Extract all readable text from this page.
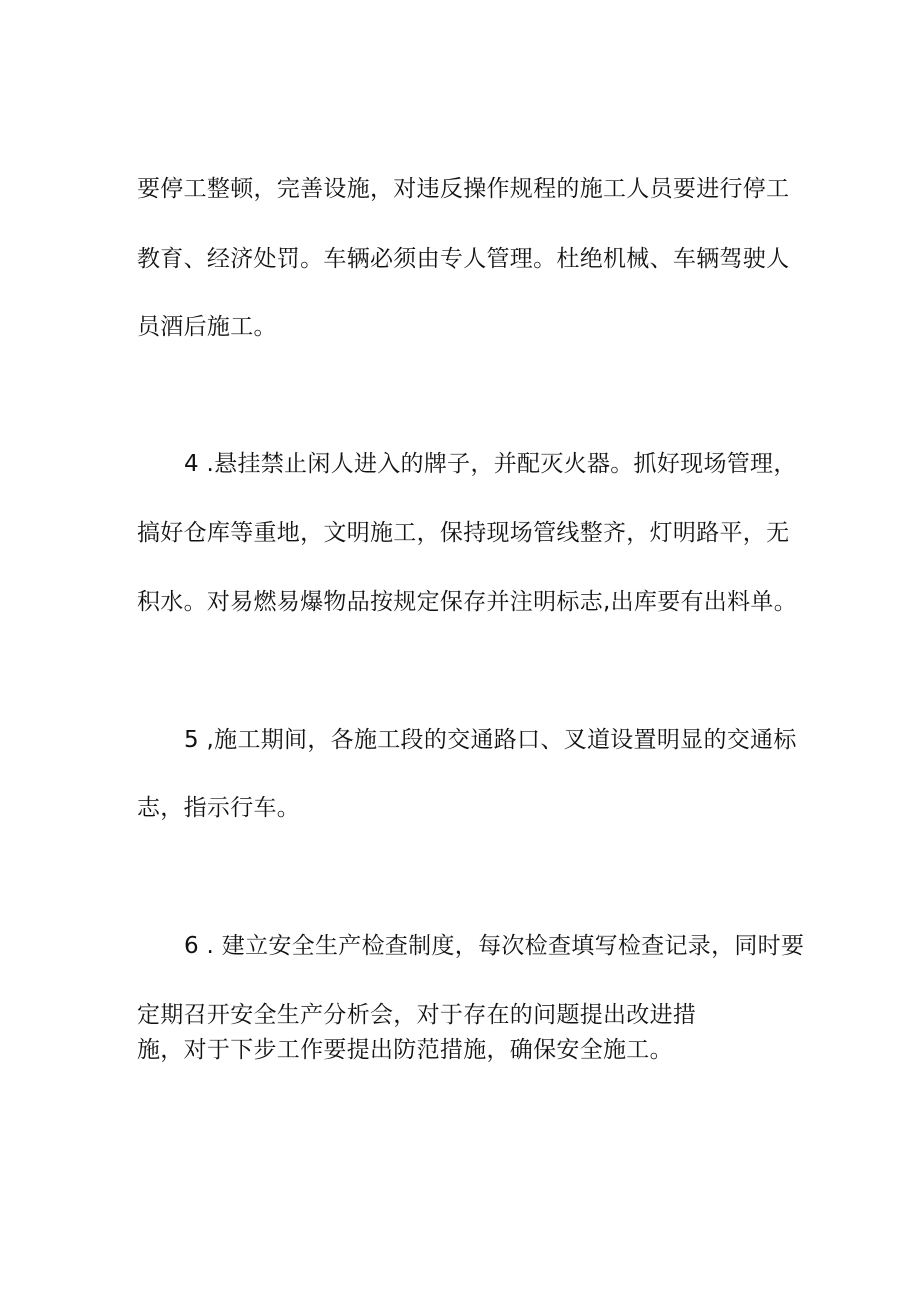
要停工整顿，完善设施，对违反操作规程的施工人员要进行停工
教育、经济处罚。车辆必须由专人管理。杜绝机械、车辆驾驶人
员酒后施工。
4 .悬挂禁止闲人进入的牌子，并配灭火器。抓好现场管理，
搞好仓库等重地，文明施工，保持现场管线整齐，灯明路平，无
积水。对易燃易爆物品按规定保存并注明标志,出库要有出料单。
5 ,施工期间，各施工段的交通路口、叉道设置明显的交通标
志，指示行车。
6 . 建立安全生产检查制度，每次检查填写检查记录，同时要
定期召开安全生产分析会，对于存在的问题提出改进措
施，对于下步工作要提出防范措施，确保安全施工。
